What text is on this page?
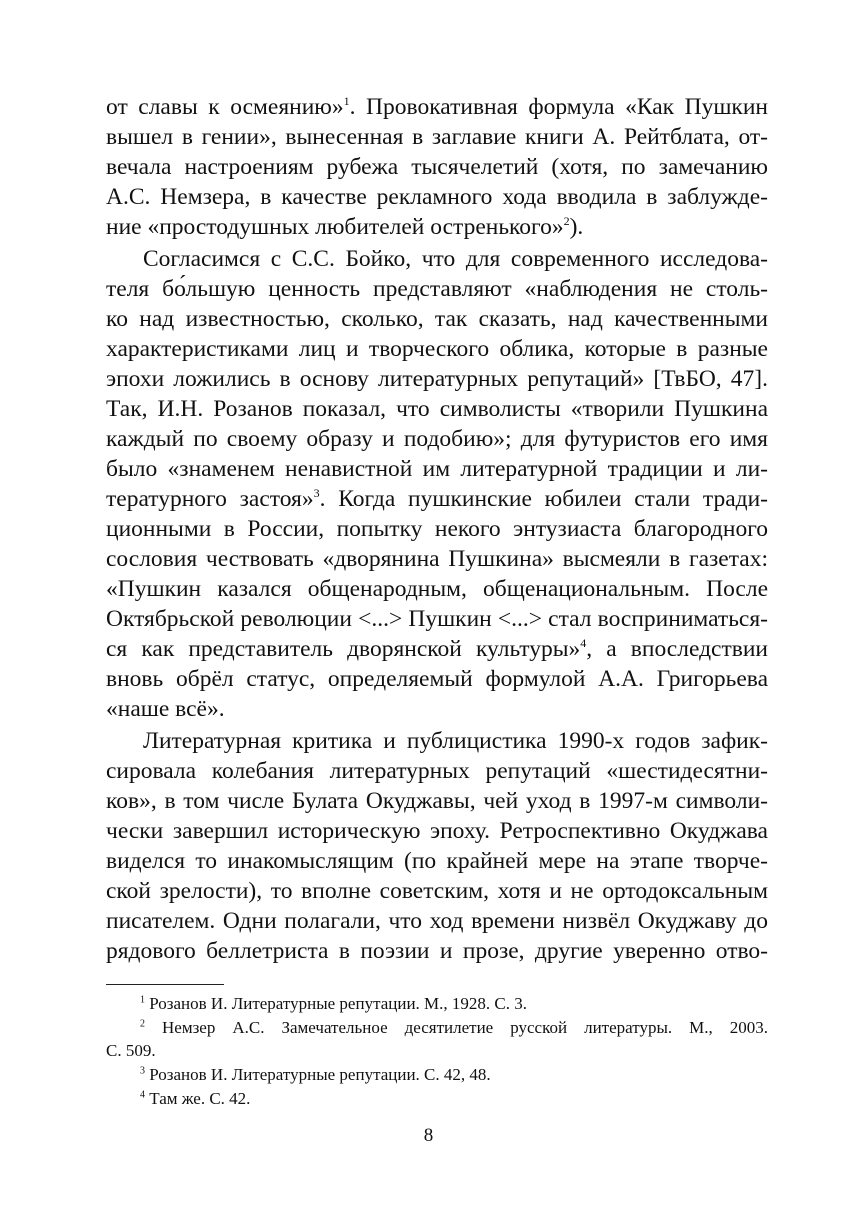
от славы к осмеянию»$^1$. Провокативная формула «Как Пушкин
вышел в гении», вынесенная в заглавие книги А. Рейтблата, от-
вечала настроениям рубежа тысячелетий (хотя, по замечанию
А.С. Немзера, в качестве рекламного хода вводила в заблужде-
ние «простодушных любителей остренького»$^2$).
Согласимся с С.С. Бойко, что для современного исследова-
теля бо́льшую ценность представляют «наблюдения не столь-
ко над известностью, сколько, так сказать, над качественными
характеристиками лиц и творческого облика, которые в разные
эпохи ложились в основу литературных репутаций» [ТвБО, 47].
Так, И.Н. Розанов показал, что символисты «творили Пушкина
каждый по своему образу и подобию»; для футуристов его имя
было «знаменем ненавистной им литературной традиции и ли-
тературного застоя»$^3$. Когда пушкинские юбилеи стали тради-
ционными в России, попытку некого энтузиаста благородного
сословия чествовать «дворянина Пушкина» высмеяли в газетах:
«Пушкин казался общенародным, общенациональным. После
Октябрьской революции <...> Пушкин <...> стал восприниматься-
ся как представитель дворянской культуры»$^4$, а впоследствии
вновь обрёл статус, определяемый формулой А.А. Григорьева
«наше всё».
Литературная критика и публицистика 1990-х годов зафик-
сировала колебания литературных репутаций «шестидесятни-
ков», в том числе Булата Окуджавы, чей уход в 1997-м символи-
чески завершил историческую эпоху. Ретроспективно Окуджава
виделся то инакомыслящим (по крайней мере на этапе творче-
ской зрелости), то вполне советским, хотя и не ортодоксальным
писателем. Одни полагали, что ход времени низвёл Окуджаву до
рядового беллетриста в поэзии и прозе, другие уверенно отво-
$^1$ Розанов И. Литературные репутации. М., 1928. С. 3.
$^2$ Немзер А.С. Замечательное десятилетие русской литературы. М., 2003.
С. 509.
$^3$ Розанов И. Литературные репутации. С. 42, 48.
$^4$ Там же. С. 42.
8
